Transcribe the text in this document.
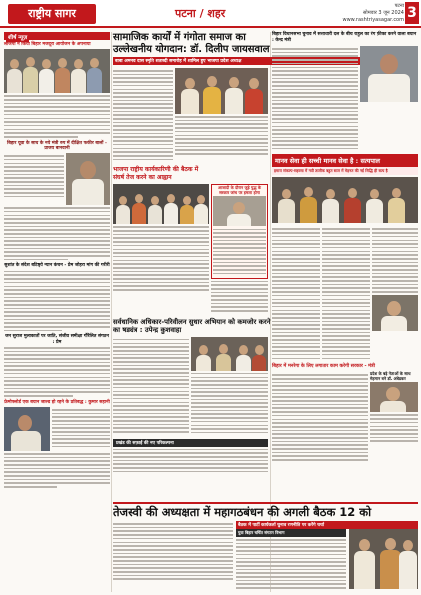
राष्ट्रीय सागर	पटना / शहर
पटना
सोमवार 3 जून 2024
www.rashtriyasagar.com 3
शीर्ष न्यूज़
लोजपा ने किया बिहार मजदूरा आयोजन के अपनाया
बिहार यूवा के साथ के नये मंत्री रुप में दीक्षित फकीर बालों - प्राजय बानवानी
सुशांत के संदेश बटिष्ठ्ये न्यान कंचन - प्रेम जोहरा मांग की गरीरी
जन सुराज मुलाकातों पर जाति, संजीव समीक्षा गौरैलित संगठन : प्रेम
फ्रेमोफ्लोर्ड एक बयान जाल्ड हो रहने के प्रतिबद्ध : कुमार सहानी
सामाजिक कार्यों में गंगोता समाज का
उल्लेखनीय योगदान: डॉ. दिलीप जायसवाल
बाबा अमनव दास स्मृति शताब्दी समारोह में शामिल हुए भाजपा प्रदेश अध्यक्ष
भाजपा राष्ट्रीय कार्यकारिणी की बैठक में संघर्ष तेज करने का आह्वान
आजादी के दौरान जुड़े युद्ध के सरकार जांच पर हमला होगा
सर्वधानिक अधिकार-परिवीलन सुधार अभियान को कमजोर करने का षड्यंत्र : उपेन्द्र कुशवाहा
प्रखंड की सफ़ाई की नए परिकल्पना
बिहार विधानसभा चुनाव में सत्ताधारी दल के बीच राहुल का रंग फ़ीका करने वाला बयान : केन्द्र मंत्री
मानव सेवा ही सच्ची मानव सेवा है : सत्यपाल
हमारा संकल्प-सहरसा में नयी तालीक बहुत साल में मेहनत की नई सिद्धि ही सत्य है
बिहार में मनरेगा के लिए लगातार काम करेगी सरकार - मंत्री
प्रदेश के बड़े नेताओं के साथ मेहमान बने डॉ. अंबेडकर
तेजस्वी की अध्यक्षता में महागठबंधन की अगली बैठक 12 को
बैठक में पार्टी कार्यकर्ता चुनाव रणनीति पर करेंगे चर्चा
युवा बिहार चर्चित संगठन विभाग
